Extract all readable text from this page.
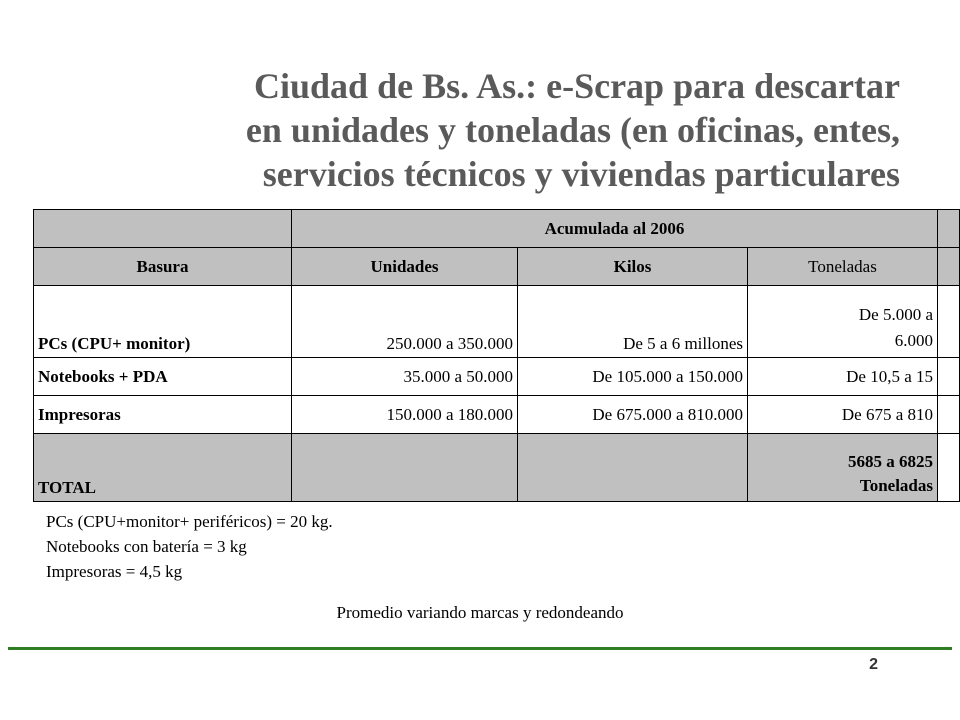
Ciudad de Bs. As.: e-Scrap para descartar
en unidades y toneladas (en oficinas, entes,
servicios técnicos y viviendas particulares
	Acumulada al 2006			
Basura	Unidades	Kilos	Toneladas	
PCs (CPU+ monitor)	250.000 a 350.000	De 5 a 6 millones	De 5.000 a
6.000	

Notebooks + PDA	35.000 a 50.000	De 105.000 a 150.000	De 10,5 a 15	
Impresoras	150.000 a 180.000	De 675.000 a 810.000	De 675 a 810	
TOTAL			5685 a 6825
Toneladas	

PCs (CPU+monitor+ periféricos) = 20 kg.
Notebooks con batería = 3 kg
Impresoras = 4,5 kg
Promedio variando marcas y redondeando
2
